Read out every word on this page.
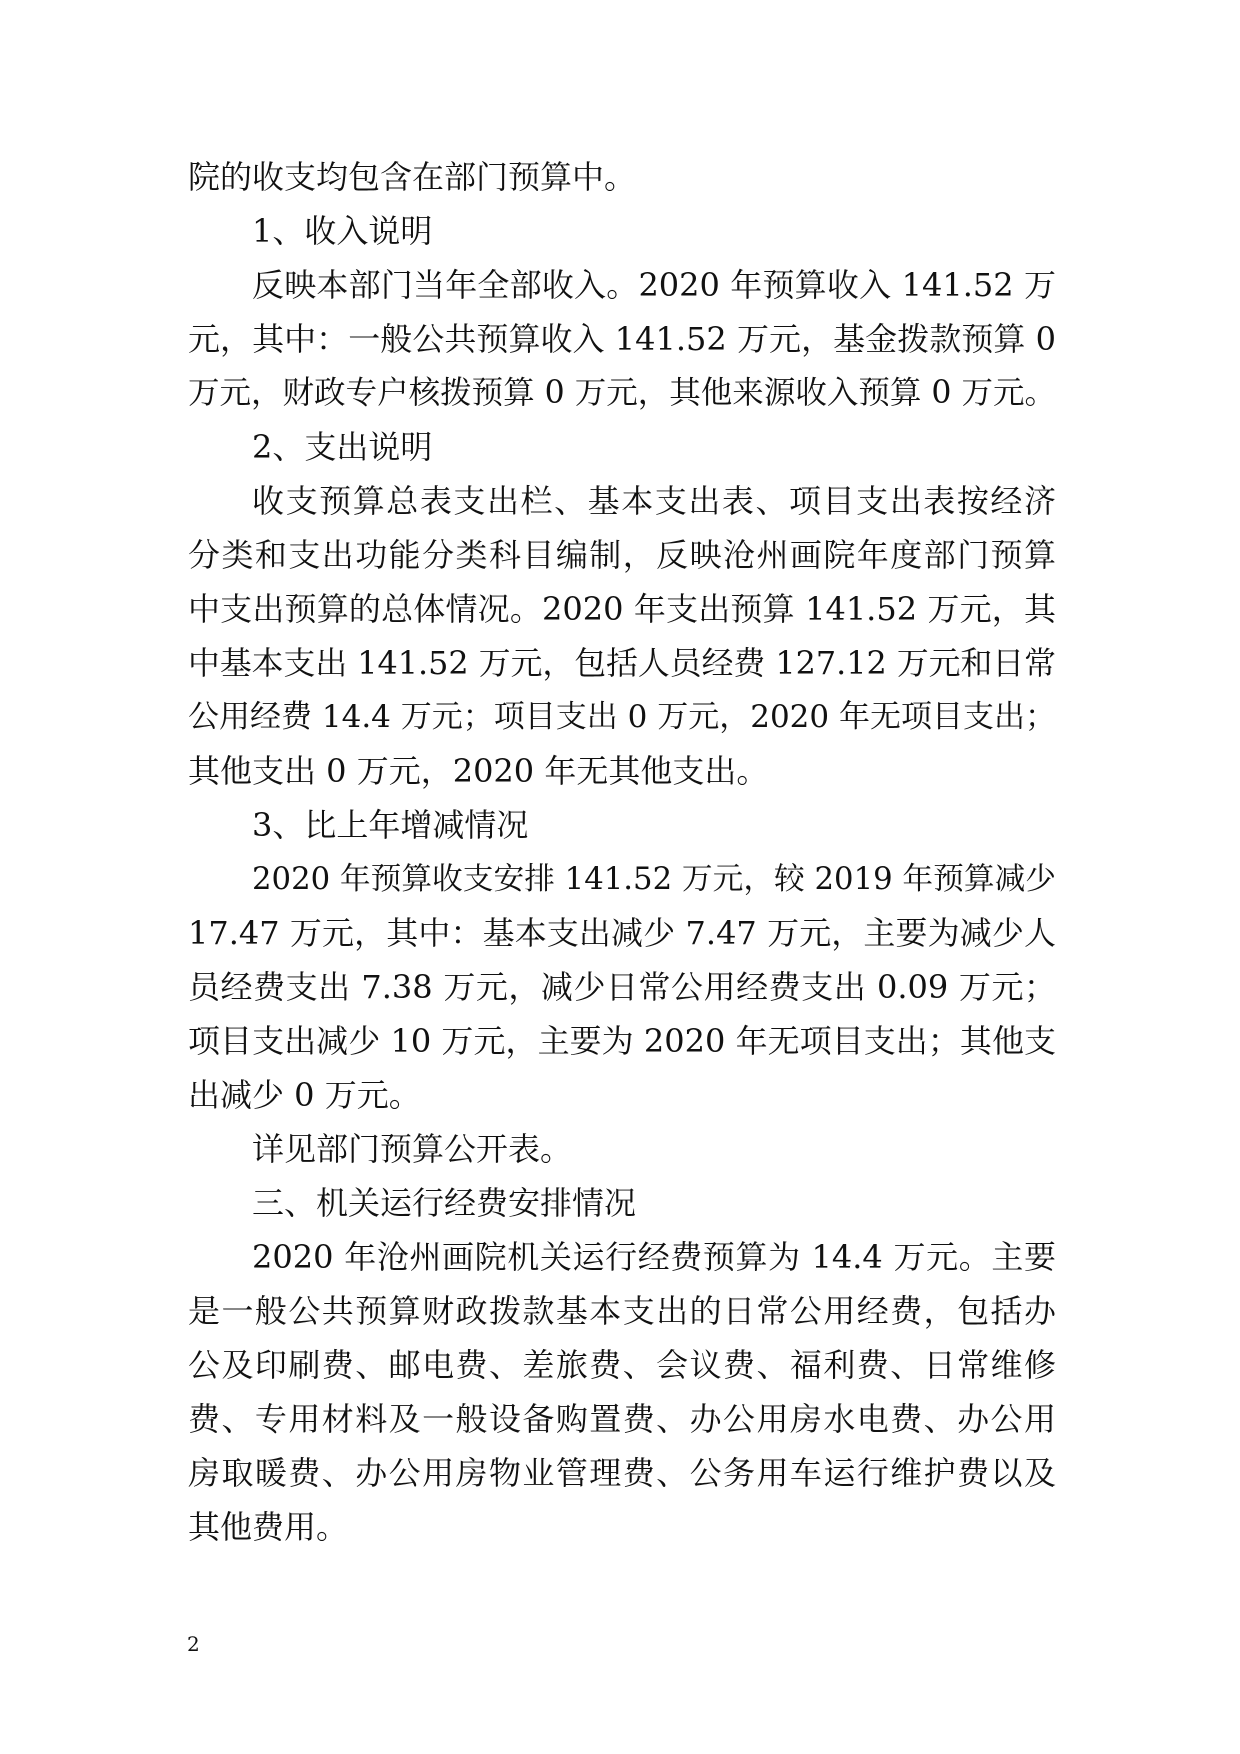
院的收支均包含在部门预算中。
1、收入说明
反映本部门当年全部收入。2020 年预算收入 141.52 万
元，其中：一般公共预算收入 141.52 万元，基金拨款预算 0
万元，财政专户核拨预算 0 万元，其他来源收入预算 0 万元。
2、支出说明
收支预算总表支出栏、基本支出表、项目支出表按经济
分类和支出功能分类科目编制，反映沧州画院年度部门预算
中支出预算的总体情况。2020 年支出预算 141.52 万元，其
中基本支出 141.52 万元，包括人员经费 127.12 万元和日常
公用经费 14.4 万元；项目支出 0 万元，2020 年无项目支出；
其他支出 0 万元，2020 年无其他支出。
3、比上年增减情况
2020 年预算收支安排 141.52 万元，较 2019 年预算减少
17.47 万元，其中：基本支出减少 7.47 万元，主要为减少人
员经费支出 7.38 万元，减少日常公用经费支出 0.09 万元；
项目支出减少 10 万元，主要为 2020 年无项目支出；其他支
出减少 0 万元。
详见部门预算公开表。
三、机关运行经费安排情况
2020 年沧州画院机关运行经费预算为 14.4 万元。主要
是一般公共预算财政拨款基本支出的日常公用经费，包括办
公及印刷费、邮电费、差旅费、会议费、福利费、日常维修
费、专用材料及一般设备购置费、办公用房水电费、办公用
房取暖费、办公用房物业管理费、公务用车运行维护费以及
其他费用。
2
